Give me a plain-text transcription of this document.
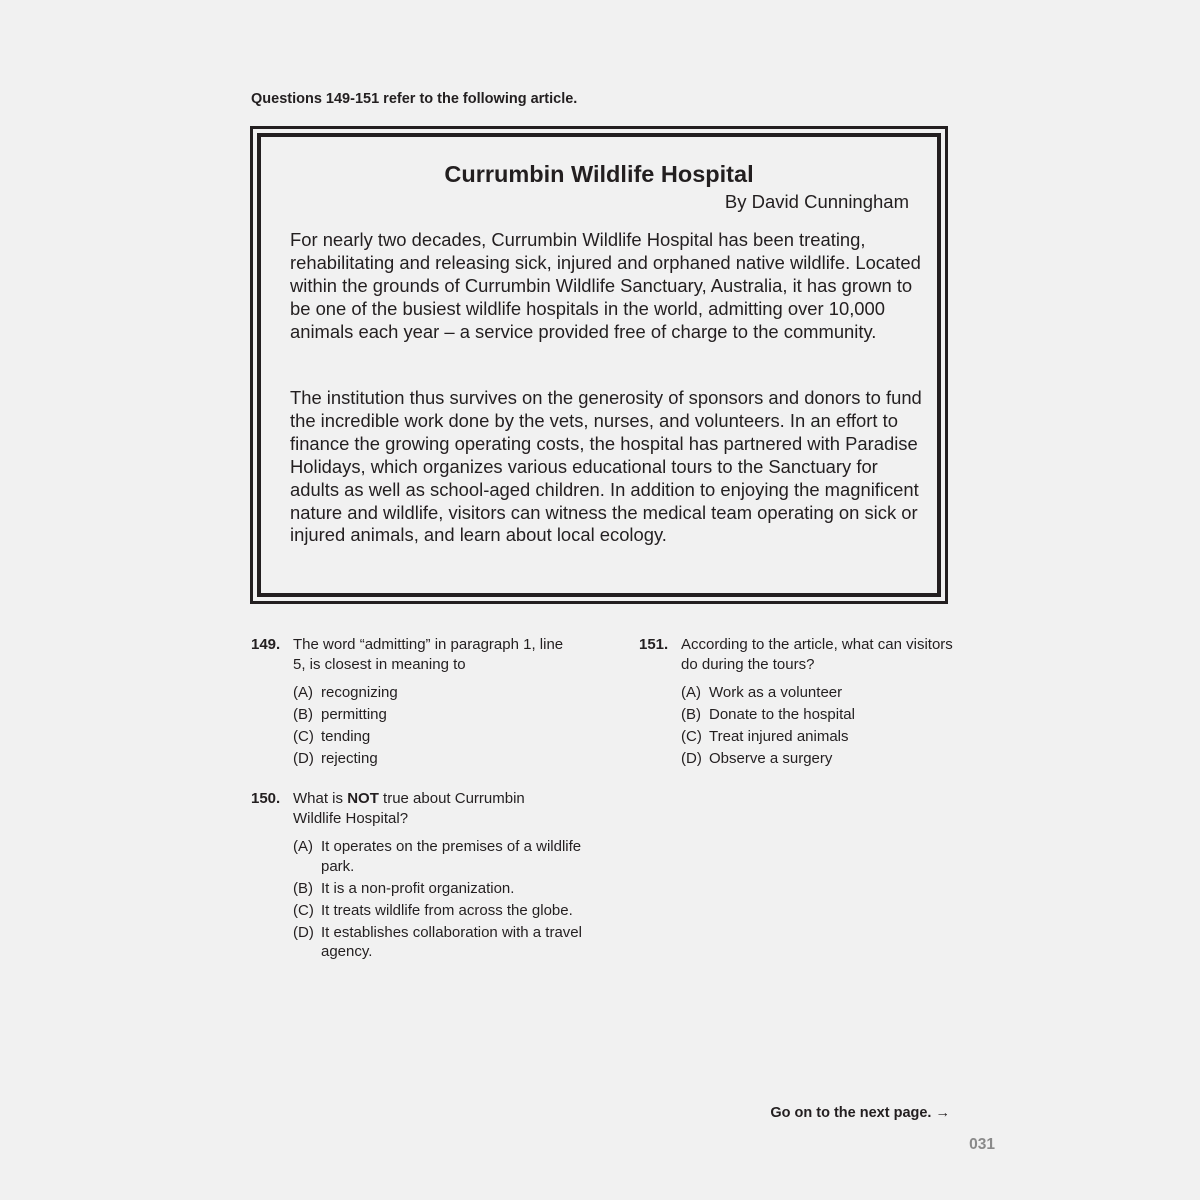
Questions 149-151 refer to the following article.

Currumbin Wildlife Hospital

By David Cunningham

For nearly two decades, Currumbin Wildlife Hospital has been treating, rehabilitating and releasing sick, injured and orphaned native wildlife. Located within the grounds of Currumbin Wildlife Sanctuary, Australia, it has grown to be one of the busiest wildlife hospitals in the world, admitting over 10,000 animals each year – a service provided free of charge to the community.

The institution thus survives on the generosity of sponsors and donors to fund the incredible work done by the vets, nurses, and volunteers. In an effort to finance the growing operating costs, the hospital has partnered with Paradise Holidays, which organizes various educational tours to the Sanctuary for adults as well as school-aged children. In addition to enjoying the magnificent nature and wildlife, visitors can witness the medical team operating on sick or injured animals, and learn about local ecology.

149. The word “admitting” in paragraph 1, line 5, is closest in meaning to

(A) recognizing
(B) permitting
(C) tending
(D) rejecting
150. What is NOT true about Currumbin Wildlife Hospital?

(A) It operates on the premises of a wildlife park.
(B) It is a non-profit organization.
(C) It treats wildlife from across the globe.
(D) It establishes collaboration with a travel agency.
151. According to the article, what can visitors do during the tours?

(A) Work as a volunteer
(B) Donate to the hospital
(C) Treat injured animals
(D) Observe a surgery
Go on to the next page. →
031
